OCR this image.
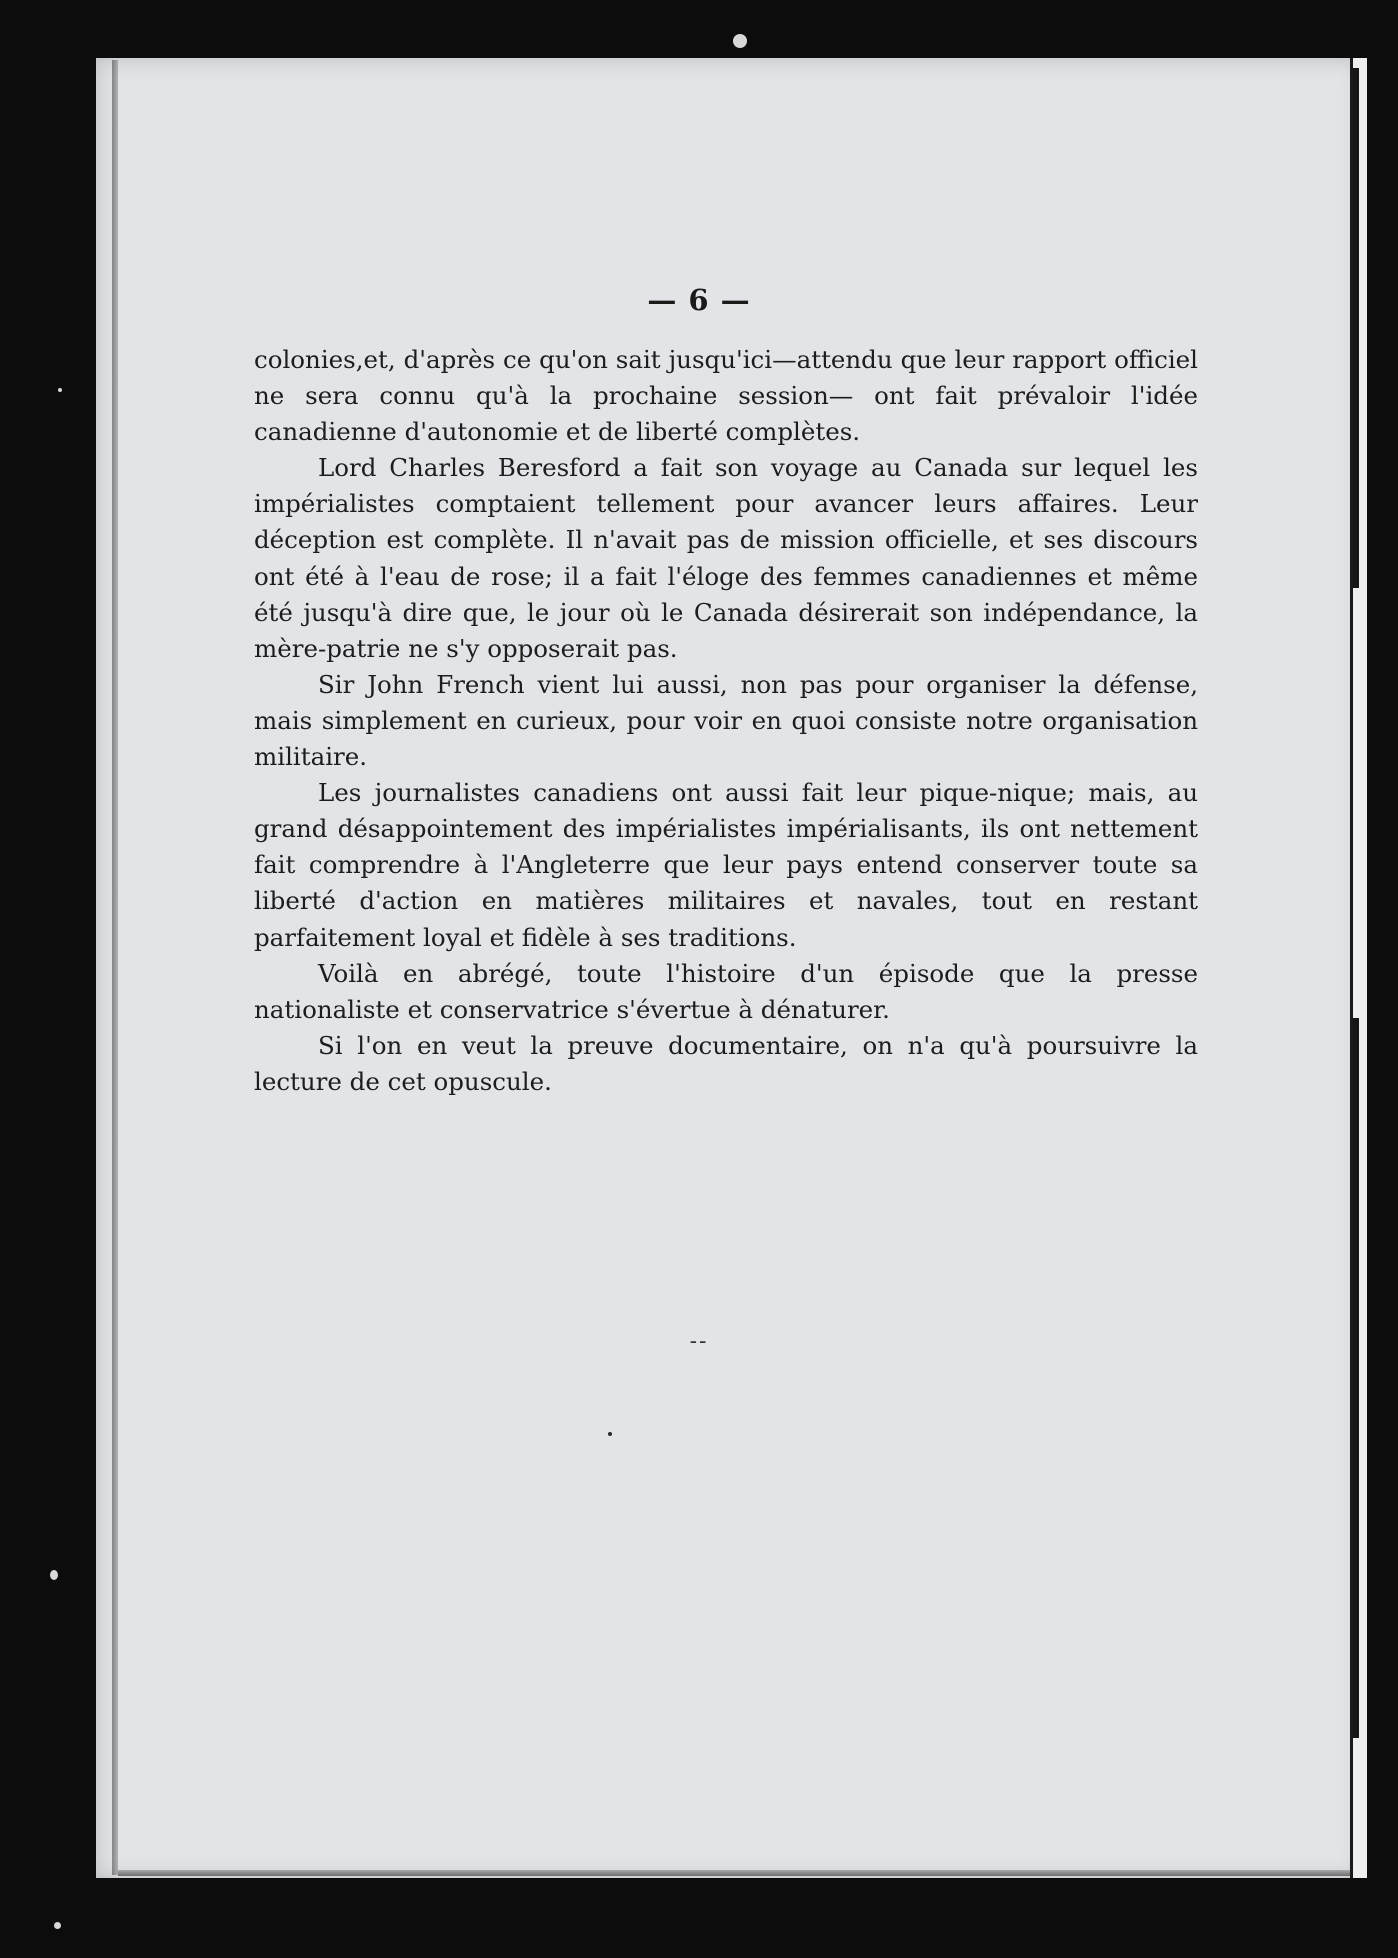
— 6 —

colonies,et, d'après ce qu'on sait jusqu'ici—attendu que leur rapport officiel ne sera connu qu'à la prochaine session— ont fait prévaloir l'idée canadienne d'autonomie et de liberté complètes.

Lord Charles Beresford a fait son voyage au Canada sur lequel les impérialistes comptaient tellement pour avancer leurs affaires. Leur déception est complète. Il n'avait pas de mission officielle, et ses discours ont été à l'eau de rose; il a fait l'éloge des femmes canadiennes et même été jusqu'à dire que, le jour où le Canada désirerait son indépendance, la mère-patrie ne s'y opposerait pas.

Sir John French vient lui aussi, non pas pour organiser la défense, mais simplement en curieux, pour voir en quoi consiste notre organisation militaire.

Les journalistes canadiens ont aussi fait leur pique-nique; mais, au grand désappointement des impérialistes impérialisants, ils ont nettement fait comprendre à l'Angleterre que leur pays entend conserver toute sa liberté d'action en matières militaires et navales, tout en restant parfaitement loyal et fidèle à ses traditions.

Voilà en abrégé, toute l'histoire d'un épisode que la presse nationaliste et conservatrice s'évertue à dénaturer.

Si l'on en veut la preuve documentaire, on n'a qu'à poursuivre la lecture de cet opuscule.

--
